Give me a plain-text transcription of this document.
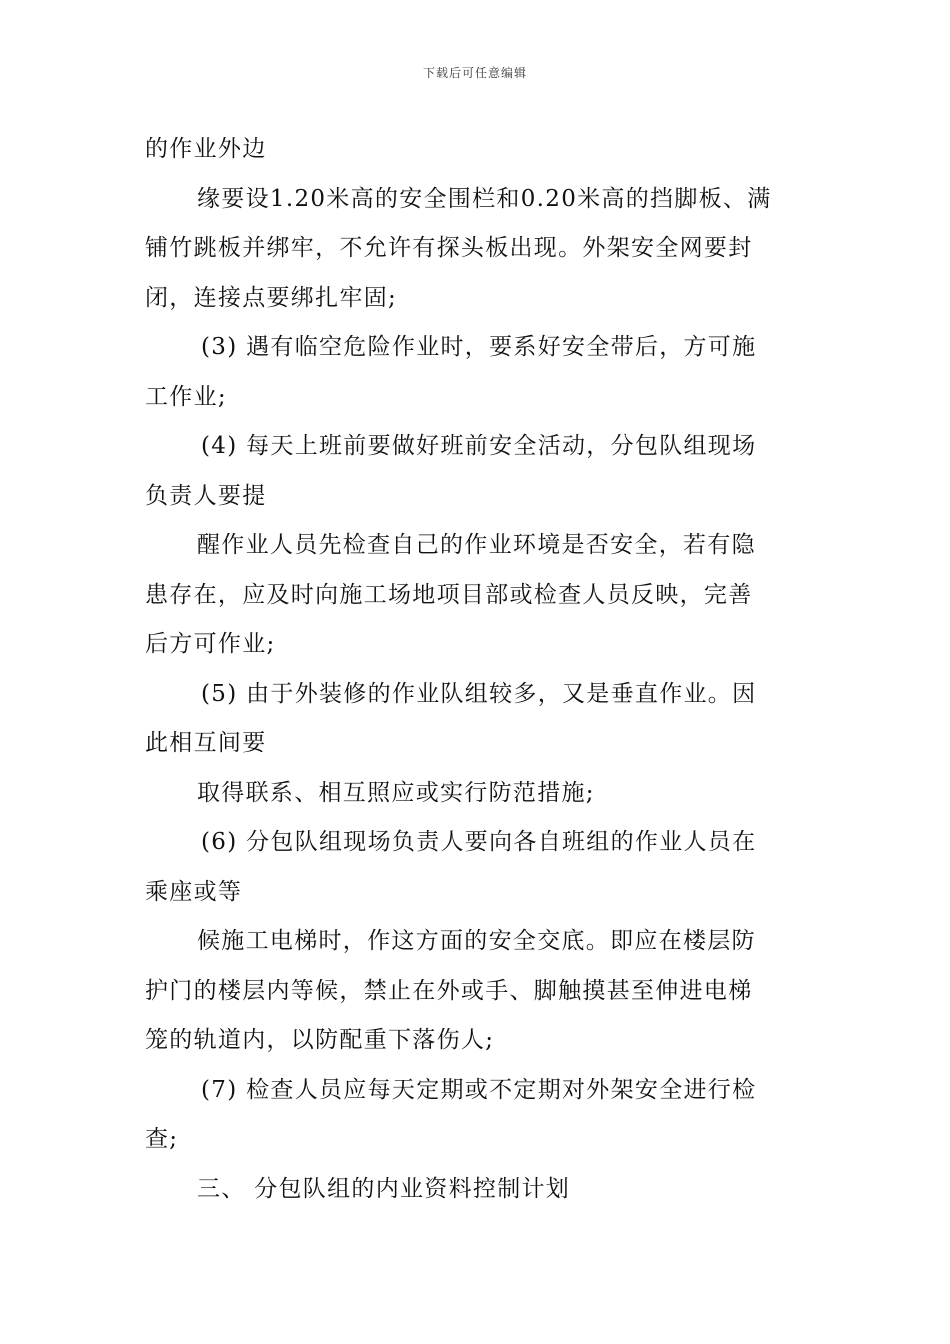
下载后可任意编辑

的作业外边

缘要设1.20米高的安全围栏和0.20米高的挡脚板、满

铺竹跳板并绑牢，不允许有探头板出现。外架安全网要封

闭，连接点要绑扎牢固;

(3) 遇有临空危险作业时，要系好安全带后，方可施

工作业;

(4) 每天上班前要做好班前安全活动，分包队组现场

负责人要提

醒作业人员先检查自己的作业环境是否安全，若有隐

患存在，应及时向施工场地项目部或检查人员反映，完善

后方可作业;

(5) 由于外装修的作业队组较多，又是垂直作业。因

此相互间要

取得联系、相互照应或实行防范措施;

(6) 分包队组现场负责人要向各自班组的作业人员在

乘座或等

候施工电梯时，作这方面的安全交底。即应在楼层防

护门的楼层内等候，禁止在外或手、脚触摸甚至伸进电梯

笼的轨道内，以防配重下落伤人;

(7) 检查人员应每天定期或不定期对外架安全进行检

查;

三、 分包队组的内业资料控制计划
